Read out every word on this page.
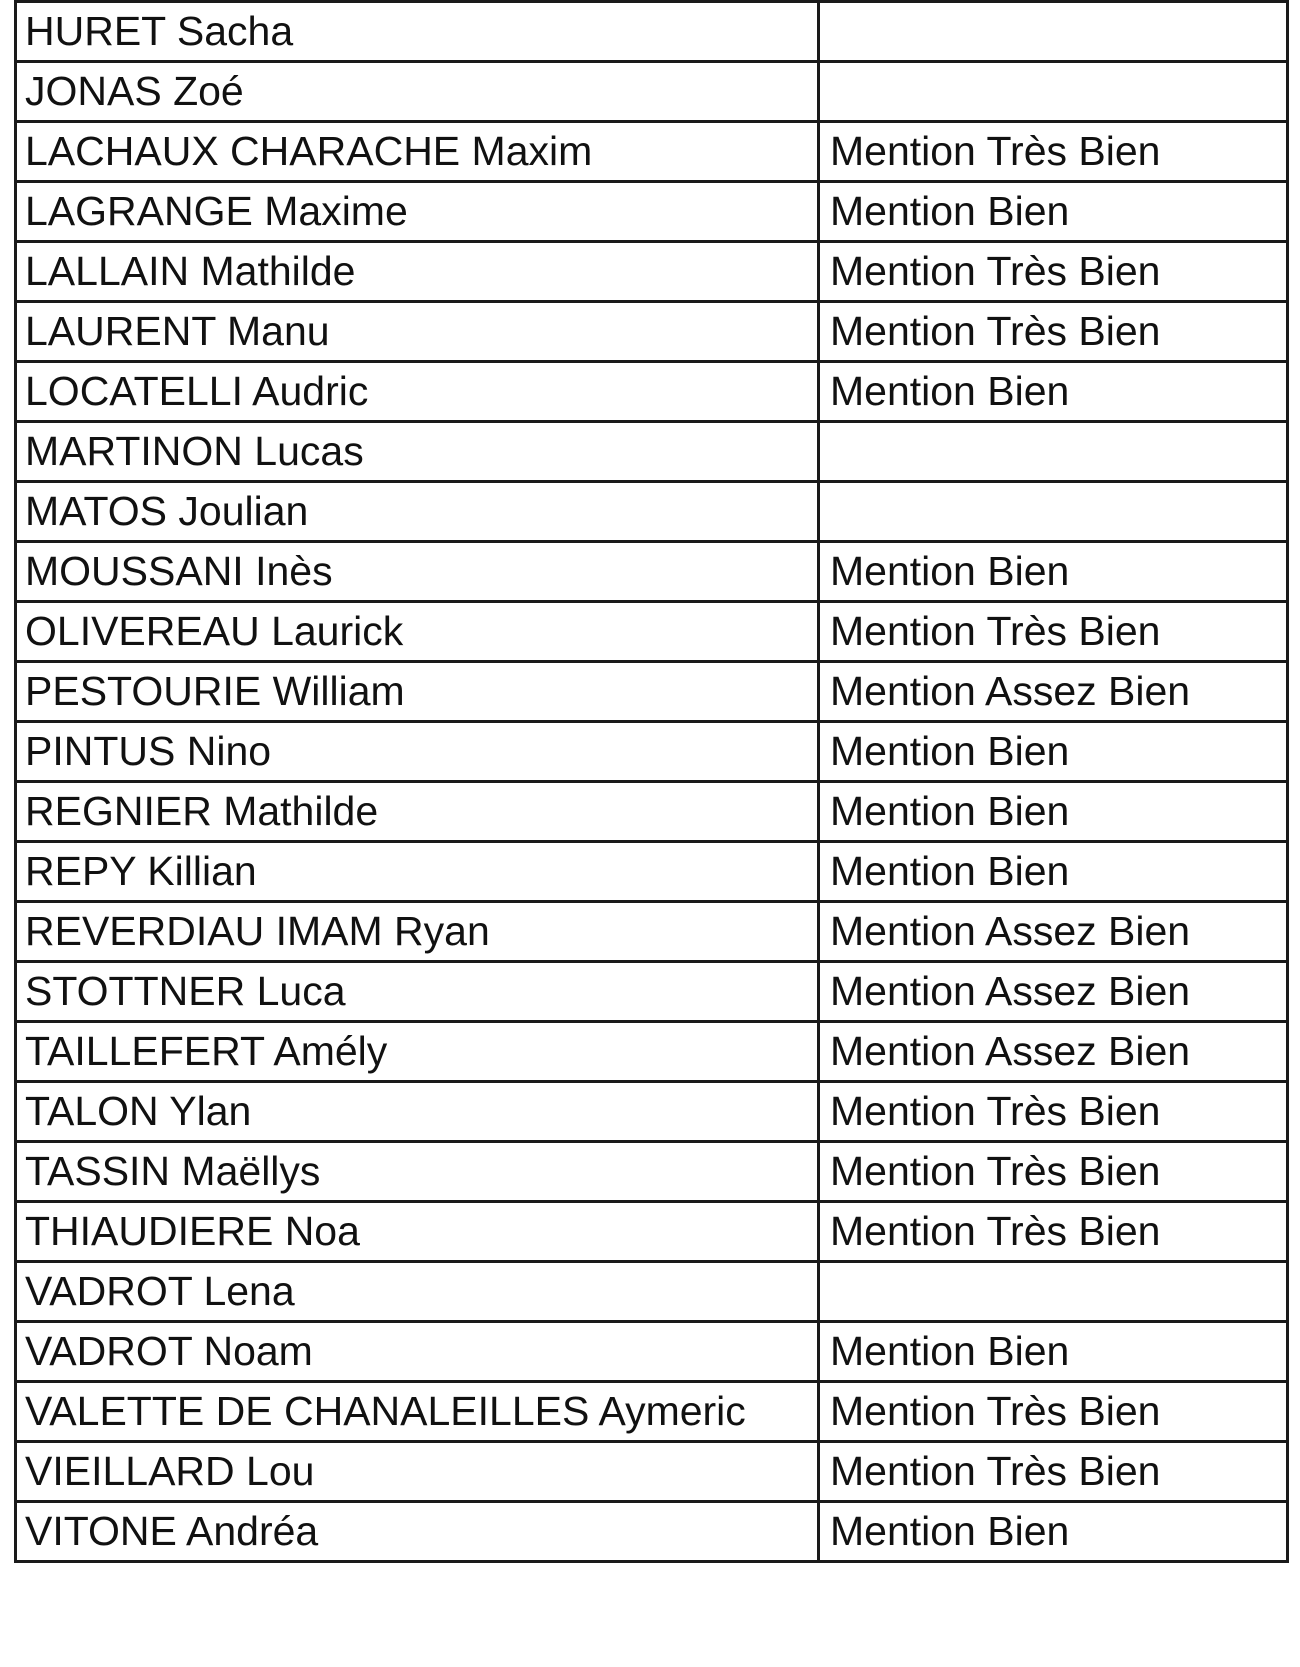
HURET Sacha	
JONAS Zoé	
LACHAUX CHARACHE Maxim	Mention Très Bien
LAGRANGE Maxime	Mention Bien
LALLAIN Mathilde	Mention Très Bien
LAURENT Manu	Mention Très Bien
LOCATELLI Audric	Mention Bien
MARTINON Lucas	
MATOS Joulian	
MOUSSANI Inès	Mention Bien
OLIVEREAU Laurick	Mention Très Bien
PESTOURIE William	Mention Assez Bien
PINTUS Nino	Mention Bien
REGNIER Mathilde	Mention Bien
REPY Killian	Mention Bien
REVERDIAU IMAM Ryan	Mention Assez Bien
STOTTNER Luca	Mention Assez Bien
TAILLEFERT Amély	Mention Assez Bien
TALON Ylan	Mention Très Bien
TASSIN Maëllys	Mention Très Bien
THIAUDIERE Noa	Mention Très Bien
VADROT Lena	
VADROT Noam	Mention Bien
VALETTE DE CHANALEILLES Aymeric	Mention Très Bien
VIEILLARD Lou	Mention Très Bien
VITONE Andréa	Mention Bien
